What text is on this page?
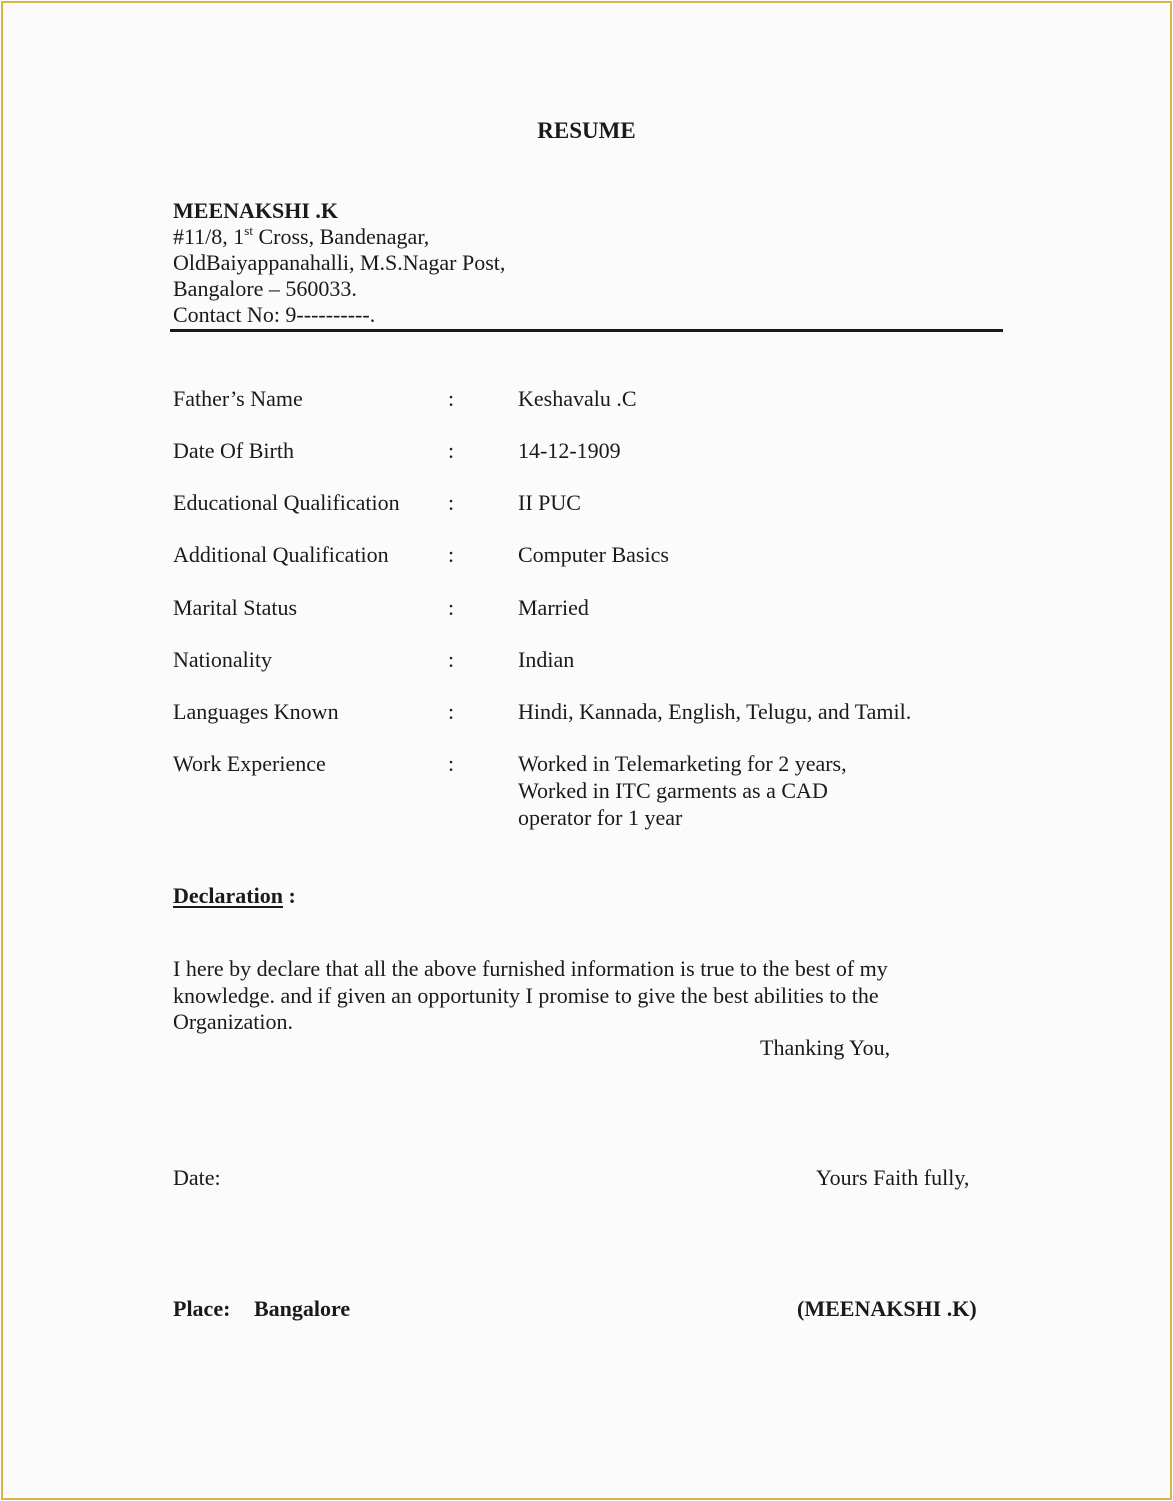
RESUME
MEENAKSHI .K
#11/8, 1st Cross, Bandenagar,
OldBaiyappanahalli, M.S.Nagar Post,
Bangalore – 560033.
Contact No: 9----------.
Father’s Name	:	Keshavalu .C
Date Of Birth	:	14-12-1909
Educational Qualification :	II PUC
Additional Qualification	:	Computer Basics
Marital Status	:	Married
Nationality	:	Indian
Languages Known	:	Hindi, Kannada, English, Telugu, and Tamil.
Work Experience	:	Worked in Telemarketing for 2 years,
Worked in ITC garments as a CAD
operator for 1 year
Declaration :
I here by declare that all the above furnished information is true to the best of my
knowledge. and if given an opportunity I promise to give the best abilities to the
Organization.
Thanking You,
Date:	Yours Faith fully,
Place: Bangalore	(MEENAKSHI .K)
